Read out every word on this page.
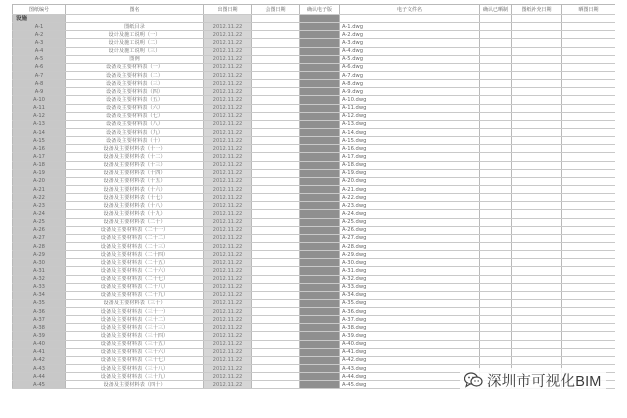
图纸编号	图名	出图日期	会图日期	确认电子版	电子文件名	确认已晒制	图纸补充日期	晒图日期
设施								
A-1	图纸目录	2012.11.22			A-1.dwg			
A-2	设计及施工说明（一）	2012.11.22			A-2.dwg			
A-3	设计及施工说明（二）	2012.11.22			A-3.dwg			
A-4	设计及施工说明（三）	2012.11.22			A-4.dwg			
A-5	图例	2012.11.22			A-5.dwg			
A-6	设备及主要材料表（一）	2012.11.22			A-6.dwg			
A-7	设备及主要材料表（二）	2012.11.22			A-7.dwg			
A-8	设备及主要材料表（三）	2012.11.22			A-8.dwg			
A-9	设备及主要材料表（四）	2012.11.22			A-9.dwg			
A-10	设备及主要材料表（五）	2012.11.22			A-10.dwg			
A-11	设备及主要材料表（六）	2012.11.22			A-11.dwg			
A-12	设备及主要材料表（七）	2012.11.22			A-12.dwg			
A-13	设备及主要材料表（八）	2012.11.22			A-13.dwg			
A-14	设备及主要材料表（九）	2012.11.22			A-14.dwg			
A-15	设备及主要材料表（十）	2012.11.22			A-15.dwg			
A-16	设备及主要材料表（十一）	2012.11.22			A-16.dwg			
A-17	设备及主要材料表（十二）	2012.11.22			A-17.dwg			
A-18	设备及主要材料表（十三）	2012.11.22			A-18.dwg			
A-19	设备及主要材料表（十四）	2012.11.22			A-19.dwg			
A-20	设备及主要材料表（十五）	2012.11.22			A-20.dwg			
A-21	设备及主要材料表（十六）	2012.11.22			A-21.dwg			
A-22	设备及主要材料表（十七）	2012.11.22			A-22.dwg			
A-23	设备及主要材料表（十八）	2012.11.22			A-23.dwg			
A-24	设备及主要材料表（十九）	2012.11.22			A-24.dwg			
A-25	设备及主要材料表（二十）	2012.11.22			A-25.dwg			
A-26	设备及主要材料表（二十一）	2012.11.22			A-26.dwg			
A-27	设备及主要材料表（二十二）	2012.11.22			A-27.dwg			
A-28	设备及主要材料表（二十三）	2012.11.22			A-28.dwg			
A-29	设备及主要材料表（二十四）	2012.11.22			A-29.dwg			
A-30	设备及主要材料表（二十五）	2012.11.22			A-30.dwg			
A-31	设备及主要材料表（二十六）	2012.11.22			A-31.dwg			
A-32	设备及主要材料表（二十七）	2012.11.22			A-32.dwg			
A-33	设备及主要材料表（二十八）	2012.11.22			A-33.dwg			
A-34	设备及主要材料表（二十九）	2012.11.22			A-34.dwg			
A-35	设备及主要材料表（三十）	2012.11.22			A-35.dwg			
A-36	设备及主要材料表（三十一）	2012.11.22			A-36.dwg			
A-37	设备及主要材料表（三十二）	2012.11.22			A-37.dwg			
A-38	设备及主要材料表（三十三）	2012.11.22			A-38.dwg			
A-39	设备及主要材料表（三十四）	2012.11.22			A-39.dwg			
A-40	设备及主要材料表（三十五）	2012.11.22			A-40.dwg			
A-41	设备及主要材料表（三十六）	2012.11.22			A-41.dwg			
A-42	设备及主要材料表（三十七）	2012.11.22			A-42.dwg			
A-43	设备及主要材料表（三十八）	2012.11.22			A-43.dwg			
A-44	设备及主要材料表（三十九）	2012.11.22			A-44.dwg			
A-45	设备及主要材料表（四十）	2012.11.22			A-45.dwg				深圳市可视化BIM
